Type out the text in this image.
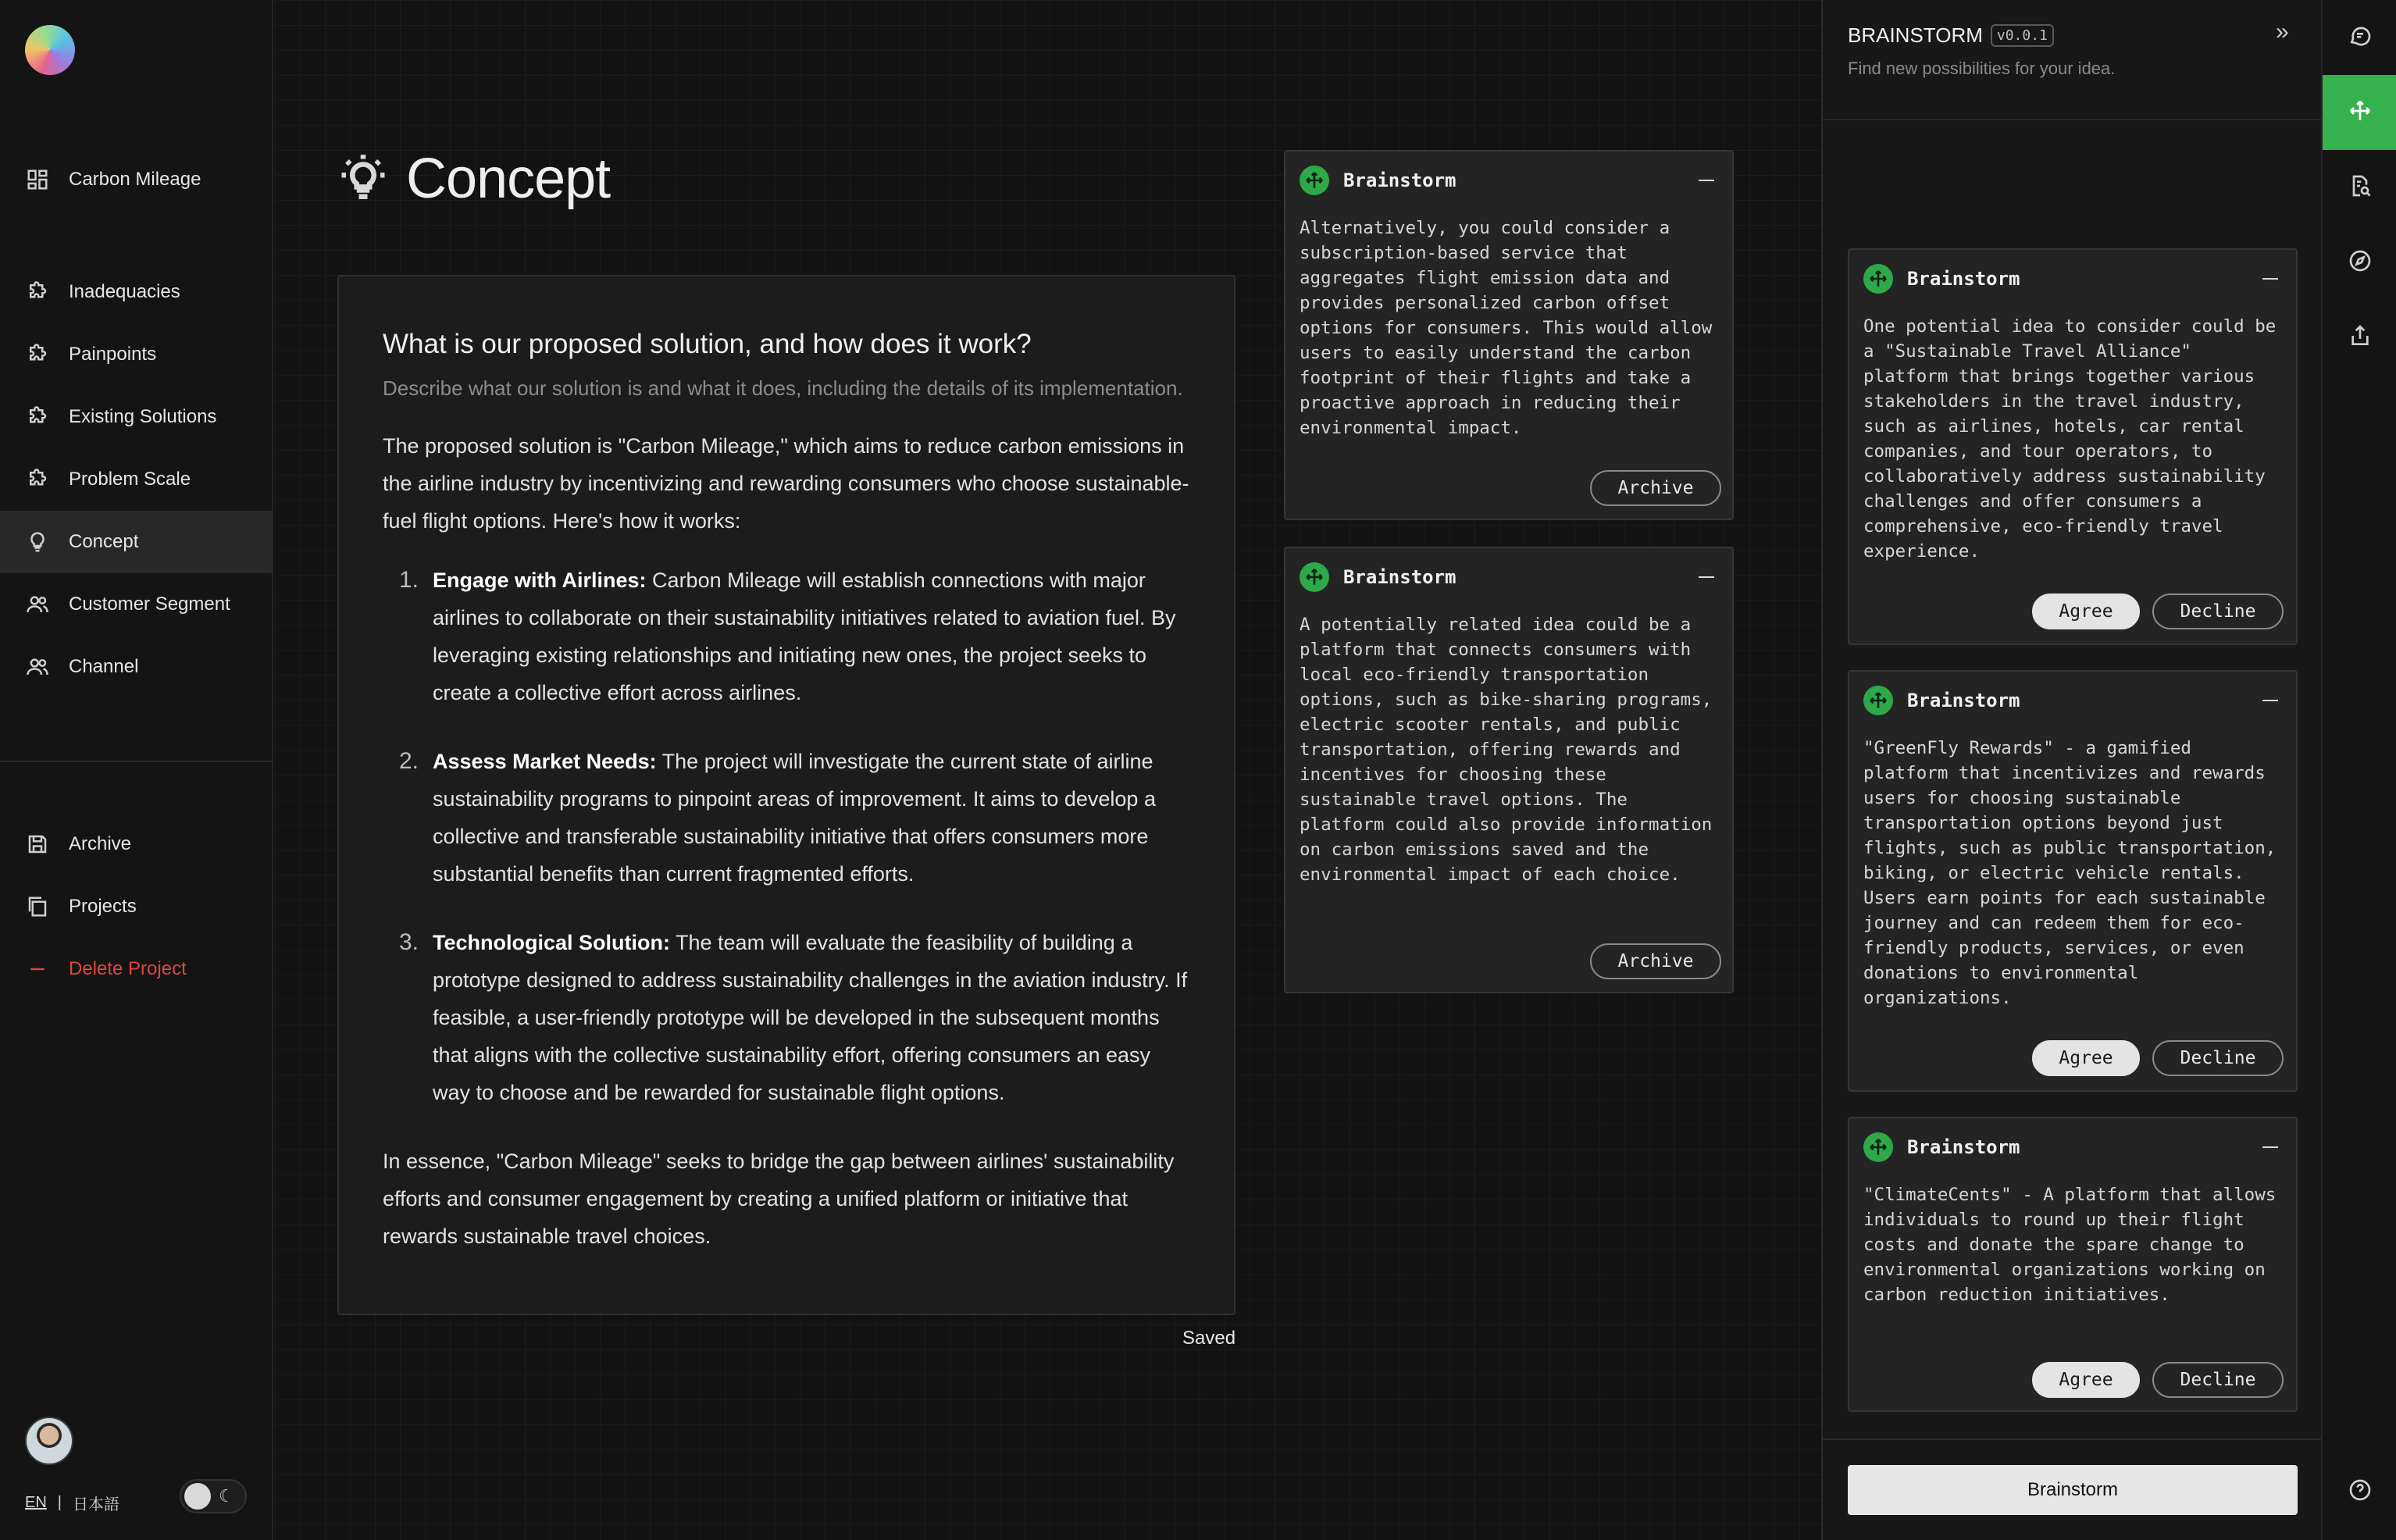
Carbon Mileage
Inadequacies
Painpoints
Existing Solutions
Problem Scale
Concept
Customer Segment
Channel
Archive
Projects
Delete Project
EN | 日本語	☾
Concept
What is our proposed solution, and how does it work?

Describe what our solution is and what it does, including the details of its implementation.

The proposed solution is "Carbon Mileage," which aims to reduce carbon emissions in the airline industry by incentivizing and rewarding consumers who choose sustainable-fuel flight options. Here's how it works:

1. Engage with Airlines: Carbon Mileage will establish connections with major airlines to collaborate on their sustainability initiatives related to aviation fuel. By leveraging existing relationships and initiating new ones, the project seeks to create a collective effort across airlines.
2. Assess Market Needs: The project will investigate the current state of airline sustainability programs to pinpoint areas of improvement. It aims to develop a collective and transferable sustainability initiative that offers consumers more substantial benefits than current fragmented efforts.
3. Technological Solution: The team will evaluate the feasibility of building a prototype designed to address sustainability challenges in the aviation industry. If feasible, a user-friendly prototype will be developed in the subsequent months that aligns with the collective sustainability effort, offering consumers an easy way to choose and be rewarded for sustainable flight options.

In essence, "Carbon Mileage" seeks to bridge the gap between airlines' sustainability efforts and consumer engagement by creating a unified platform or initiative that rewards sustainable travel choices.

Saved
Brainstorm
Alternatively, you could consider a subscription-based service that aggregates flight emission data and provides personalized carbon offset options for consumers. This would allow users to easily understand the carbon footprint of their flights and take a proactive approach in reducing their environmental impact.
Archive
Brainstorm
A potentially related idea could be a platform that connects consumers with local eco-friendly transportation options, such as bike-sharing programs, electric scooter rentals, and public transportation, offering rewards and incentives for choosing these sustainable travel options. The platform could also provide information on carbon emissions saved and the environmental impact of each choice.
Archive
BRAINSTORM	v0.0.1
Find new possibilities for your idea.
»
Brainstorm
One potential idea to consider could be a "Sustainable Travel Alliance" platform that brings together various stakeholders in the travel industry, such as airlines, hotels, car rental companies, and tour operators, to collaboratively address sustainability challenges and offer consumers a comprehensive, eco-friendly travel experience.
Agree	Decline
Brainstorm
"GreenFly Rewards" - a gamified platform that incentivizes and rewards users for choosing sustainable transportation options beyond just flights, such as public transportation, biking, or electric vehicle rentals. Users earn points for each sustainable journey and can redeem them for eco-friendly products, services, or even donations to environmental organizations.
Agree	Decline
Brainstorm
"ClimateCents" - A platform that allows individuals to round up their flight costs and donate the spare change to environmental organizations working on carbon reduction initiatives.
Agree	Decline
Brainstorm
